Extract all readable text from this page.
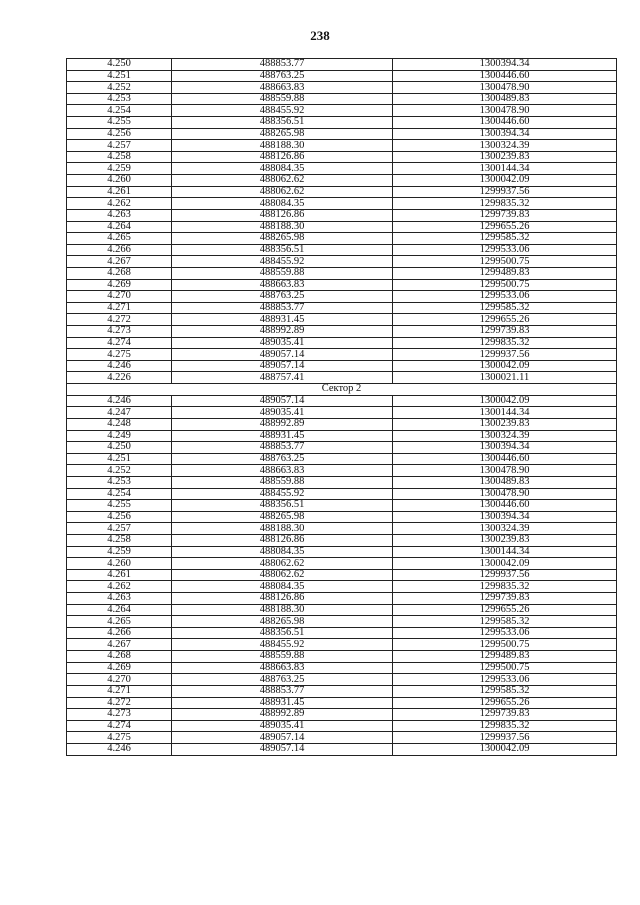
238
4.250	488853.77	1300394.34
4.251	488763.25	1300446.60
4.252	488663.83	1300478.90
4.253	488559.88	1300489.83
4.254	488455.92	1300478.90
4.255	488356.51	1300446.60
4.256	488265.98	1300394.34
4.257	488188.30	1300324.39
4.258	488126.86	1300239.83
4.259	488084.35	1300144.34
4.260	488062.62	1300042.09
4.261	488062.62	1299937.56
4.262	488084.35	1299835.32
4.263	488126.86	1299739.83
4.264	488188.30	1299655.26
4.265	488265.98	1299585.32
4.266	488356.51	1299533.06
4.267	488455.92	1299500.75
4.268	488559.88	1299489.83
4.269	488663.83	1299500.75
4.270	488763.25	1299533.06
4.271	488853.77	1299585.32
4.272	488931.45	1299655.26
4.273	488992.89	1299739.83
4.274	489035.41	1299835.32
4.275	489057.14	1299937.56
4.246	489057.14	1300042.09
4.226	488757.41	1300021.11
Сектор 2		
4.246	489057.14	1300042.09
4.247	489035.41	1300144.34
4.248	488992.89	1300239.83
4.249	488931.45	1300324.39
4.250	488853.77	1300394.34
4.251	488763.25	1300446.60
4.252	488663.83	1300478.90
4.253	488559.88	1300489.83
4.254	488455.92	1300478.90
4.255	488356.51	1300446.60
4.256	488265.98	1300394.34
4.257	488188.30	1300324.39
4.258	488126.86	1300239.83
4.259	488084.35	1300144.34
4.260	488062.62	1300042.09
4.261	488062.62	1299937.56
4.262	488084.35	1299835.32
4.263	488126.86	1299739.83
4.264	488188.30	1299655.26
4.265	488265.98	1299585.32
4.266	488356.51	1299533.06
4.267	488455.92	1299500.75
4.268	488559.88	1299489.83
4.269	488663.83	1299500.75
4.270	488763.25	1299533.06
4.271	488853.77	1299585.32
4.272	488931.45	1299655.26
4.273	488992.89	1299739.83
4.274	489035.41	1299835.32
4.275	489057.14	1299937.56
4.246	489057.14	1300042.09
